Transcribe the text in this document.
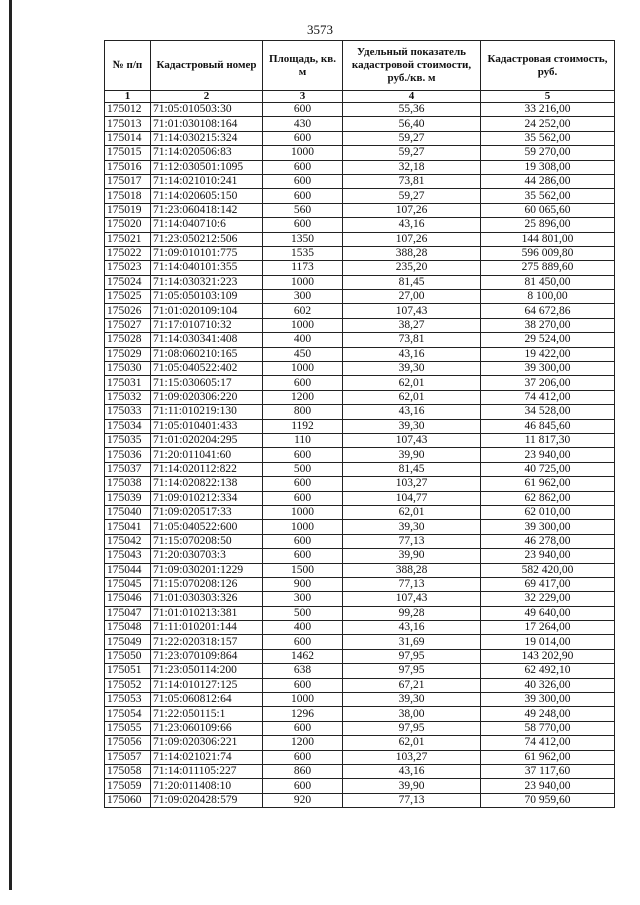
3573
№ п/п	Кадастровый номер	Площадь, кв. м	Удельный показатель кадастровой стоимости, руб./кв. м	Кадастровая стоимость, руб.
1	2	3	4	5
175012	71:05:010503:30	600	55,36	33 216,00
175013	71:01:030108:164	430	56,40	24 252,00
175014	71:14:030215:324	600	59,27	35 562,00
175015	71:14:020506:83	1000	59,27	59 270,00
175016	71:12:030501:1095	600	32,18	19 308,00
175017	71:14:021010:241	600	73,81	44 286,00
175018	71:14:020605:150	600	59,27	35 562,00
175019	71:23:060418:142	560	107,26	60 065,60
175020	71:14:040710:6	600	43,16	25 896,00
175021	71:23:050212:506	1350	107,26	144 801,00
175022	71:09:010101:775	1535	388,28	596 009,80
175023	71:14:040101:355	1173	235,20	275 889,60
175024	71:14:030321:223	1000	81,45	81 450,00
175025	71:05:050103:109	300	27,00	8 100,00
175026	71:01:020109:104	602	107,43	64 672,86
175027	71:17:010710:32	1000	38,27	38 270,00
175028	71:14:030341:408	400	73,81	29 524,00
175029	71:08:060210:165	450	43,16	19 422,00
175030	71:05:040522:402	1000	39,30	39 300,00
175031	71:15:030605:17	600	62,01	37 206,00
175032	71:09:020306:220	1200	62,01	74 412,00
175033	71:11:010219:130	800	43,16	34 528,00
175034	71:05:010401:433	1192	39,30	46 845,60
175035	71:01:020204:295	110	107,43	11 817,30
175036	71:20:011041:60	600	39,90	23 940,00
175037	71:14:020112:822	500	81,45	40 725,00
175038	71:14:020822:138	600	103,27	61 962,00
175039	71:09:010212:334	600	104,77	62 862,00
175040	71:09:020517:33	1000	62,01	62 010,00
175041	71:05:040522:600	1000	39,30	39 300,00
175042	71:15:070208:50	600	77,13	46 278,00
175043	71:20:030703:3	600	39,90	23 940,00
175044	71:09:030201:1229	1500	388,28	582 420,00
175045	71:15:070208:126	900	77,13	69 417,00
175046	71:01:030303:326	300	107,43	32 229,00
175047	71:01:010213:381	500	99,28	49 640,00
175048	71:11:010201:144	400	43,16	17 264,00
175049	71:22:020318:157	600	31,69	19 014,00
175050	71:23:070109:864	1462	97,95	143 202,90
175051	71:23:050114:200	638	97,95	62 492,10
175052	71:14:010127:125	600	67,21	40 326,00
175053	71:05:060812:64	1000	39,30	39 300,00
175054	71:22:050115:1	1296	38,00	49 248,00
175055	71:23:060109:66	600	97,95	58 770,00
175056	71:09:020306:221	1200	62,01	74 412,00
175057	71:14:021021:74	600	103,27	61 962,00
175058	71:14:011105:227	860	43,16	37 117,60
175059	71:20:011408:10	600	39,90	23 940,00
175060	71:09:020428:579	920	77,13	70 959,60
